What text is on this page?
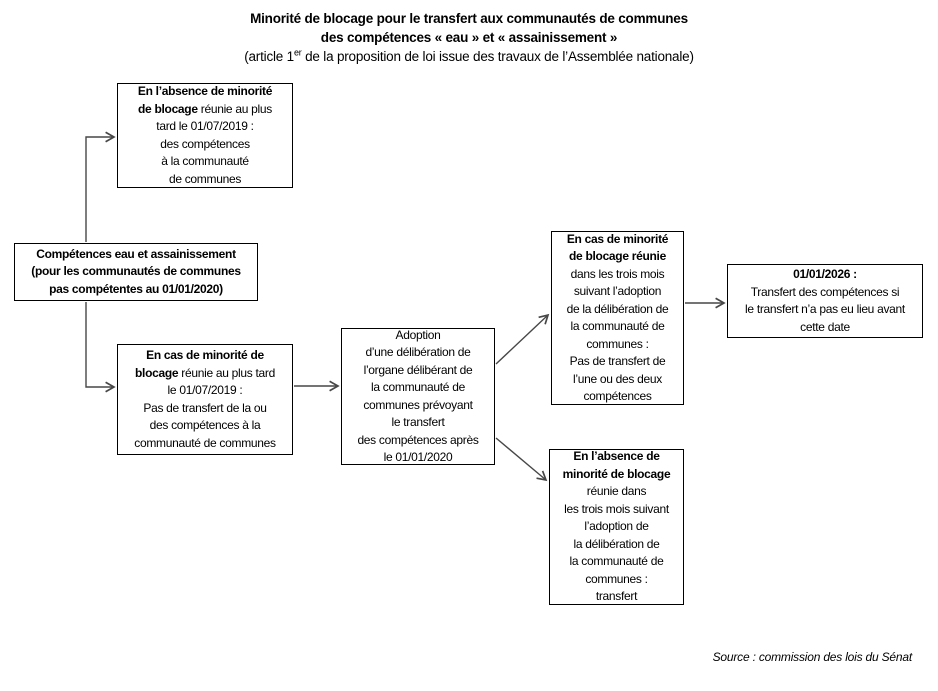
Minorité de blocage pour le transfert aux communautés de communes
des compétences « eau » et « assainissement »
(article 1er de la proposition de loi issue des travaux de l’Assemblée nationale)
En l’absence de minorité
de blocage réunie au plus
tard le 01/07/2019 :
des compétences
à la communauté
de communes
Compétences eau et assainissement
(pour les communautés de communes
pas compétentes au 01/01/2020)
En cas de minorité de
blocage réunie au plus tard
le 01/07/2019 :
Pas de transfert de la ou
des compétences à la
communauté de communes
Adoption
d’une délibération de
l’organe délibérant de
la communauté de
communes prévoyant
le transfert
des compétences après
le 01/01/2020
En cas de minorité
de blocage réunie
dans les trois mois
suivant l’adoption
de la délibération de
la communauté de
communes :
Pas de transfert de
l’une ou des deux
compétences
01/01/2026 :
Transfert des compétences si
le transfert n’a pas eu lieu avant
cette date
En l’absence de
minorité de blocage
réunie dans
les trois mois suivant
l’adoption de
la délibération de
la communauté de
communes :
transfert
Source : commission des lois du Sénat
